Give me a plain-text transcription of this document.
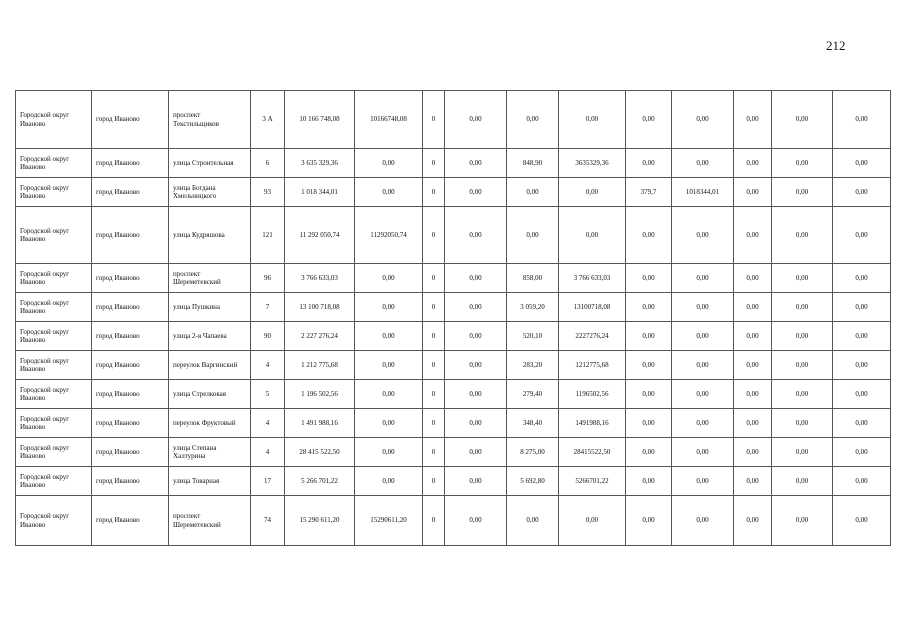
212
Городской округ Иваново	город Иваново	проспект Текстильщиков	3 А	10 166 748,08	10166748,08	0	0,00	0,00	0,00	0,00	0,00	0,00	0,00	0,00
Городской округ Иваново	город Иваново	улица Строительная	6	3 635 329,36	0,00	0	0,00	848,90	3635329,36	0,00	0,00	0,00	0,00	0,00
Городской округ Иваново	город Иваново	улица Богдана Хмельницкого	93	1 018 344,01	0,00	0	0,00	0,00	0,00	379,7	1018344,01	0,00	0,00	0,00
Городской округ Иваново	город Иваново	улица Кудряшова	121	11 292 050,74	11292050,74	0	0,00	0,00	0,00	0,00	0,00	0,00	0,00	0,00
Городской округ Иваново	город Иваново	проспект Шереметевский	96	3 766 633,03	0,00	0	0,00	858,00	3 766 633,03	0,00	0,00	0,00	0,00	0,00
Городской округ Иваново	город Иваново	улица Пушкина	7	13 100 718,08	0,00	0	0,00	3 059,20	13100718,08	0,00	0,00	0,00	0,00	0,00
Городской округ Иваново	город Иваново	улица 2-я Чапаева	90	2 227 276,24	0,00	0	0,00	520,10	2227276,24	0,00	0,00	0,00	0,00	0,00
Городской округ Иваново	город Иваново	переулок Варгинский	4	1 212 775,68	0,00	0	0,00	283,20	1212775,68	0,00	0,00	0,00	0,00	0,00
Городской округ Иваново	город Иваново	улица Стрелковая	5	1 196 502,56	0,00	0	0,00	279,40	1196502,56	0,00	0,00	0,00	0,00	0,00
Городской округ Иваново	город Иваново	переулок Фруктовый	4	1 491 988,16	0,00	0	0,00	348,40	1491988,16	0,00	0,00	0,00	0,00	0,00
Городской округ Иваново	город Иваново	улица Степана Халтурина	4	28 415 522,50	0,00	0	0,00	8 275,00	28415522,50	0,00	0,00	0,00	0,00	0,00
Городской округ Иваново	город Иваново	улица Товарная	17	5 266 701,22	0,00	0	0,00	5 692,80	5266701,22	0,00	0,00	0,00	0,00	0,00
Городской округ Иваново	город Иваново	проспект Шереметевский	74	15 290 611,20	15290611,20	0	0,00	0,00	0,00	0,00	0,00	0,00	0,00	0,00
